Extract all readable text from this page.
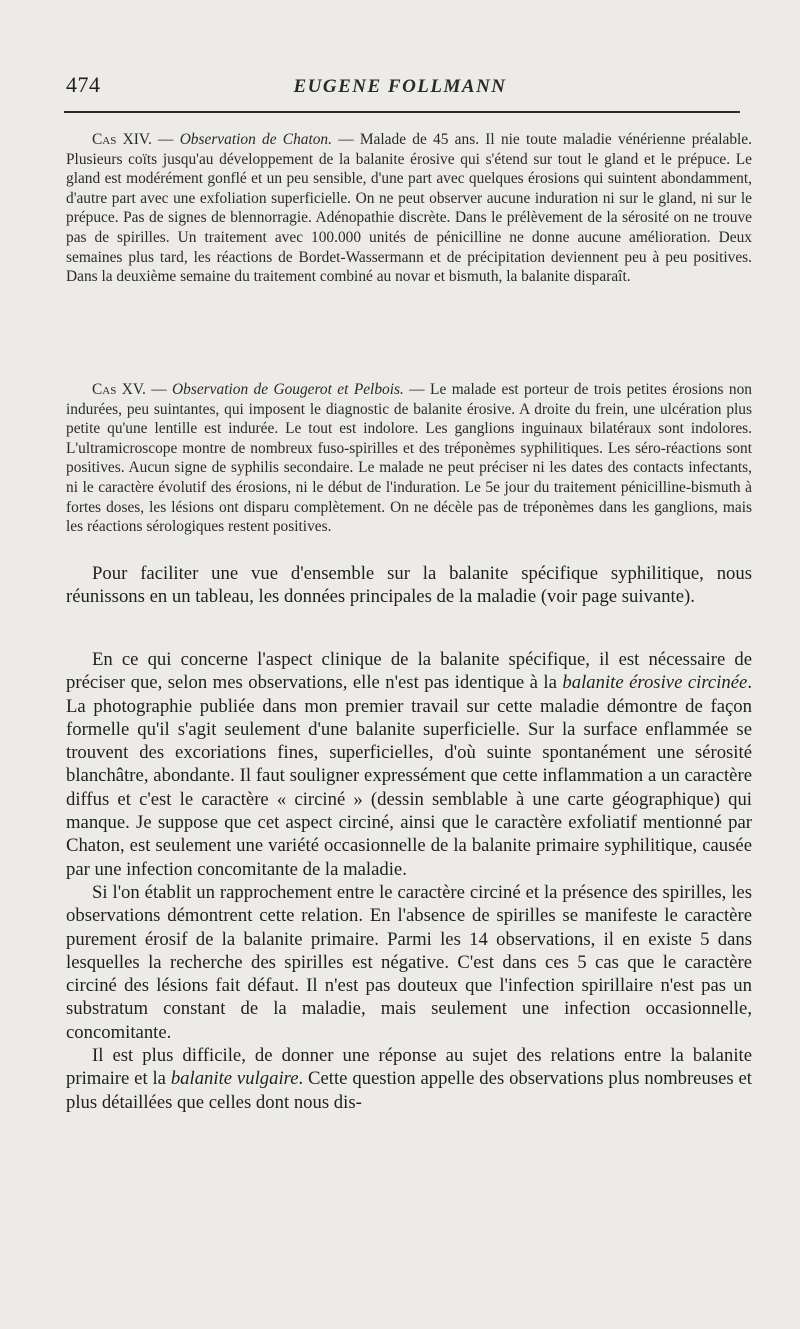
474	EUGENE FOLLMANN

Cas XIV. — Observation de Chaton. — Malade de 45 ans. Il nie toute maladie vénérienne préalable. Plusieurs coïts jusqu'au développement de la balanite érosive qui s'étend sur tout le gland et le prépuce. Le gland est modérément gonflé et un peu sensible, d'une part avec quelques érosions qui suintent abondamment, d'autre part avec une exfoliation superficielle. On ne peut observer aucune induration ni sur le gland, ni sur le prépuce. Pas de signes de blennorragie. Adénopathie discrète. Dans le prélèvement de la sérosité on ne trouve pas de spirilles. Un traitement avec 100.000 unités de pénicilline ne donne aucune amélioration. Deux semaines plus tard, les réactions de Bordet-Wassermann et de précipitation deviennent peu à peu positives. Dans la deuxième semaine du traitement combiné au novar et bismuth, la balanite disparaît.

Cas XV. — Observation de Gougerot et Pelbois. — Le malade est porteur de trois petites érosions non indurées, peu suintantes, qui imposent le diagnostic de balanite érosive. A droite du frein, une ulcération plus petite qu'une lentille est indurée. Le tout est indolore. Les ganglions inguinaux bilatéraux sont indolores. L'ultramicroscope montre de nombreux fuso-spirilles et des tréponèmes syphilitiques. Les séro-réactions sont positives. Aucun signe de syphilis secondaire. Le malade ne peut préciser ni les dates des contacts infectants, ni le caractère évolutif des érosions, ni le début de l'induration. Le 5e jour du traitement pénicilline-bismuth à fortes doses, les lésions ont disparu complètement. On ne décèle pas de tréponèmes dans les ganglions, mais les réactions sérologiques restent positives.

Pour faciliter une vue d'ensemble sur la balanite spécifique syphilitique, nous réunissons en un tableau, les données principales de la maladie (voir page suivante).

En ce qui concerne l'aspect clinique de la balanite spécifique, il est nécessaire de préciser que, selon mes observations, elle n'est pas identique à la balanite érosive circinée. La photographie publiée dans mon premier travail sur cette maladie démontre de façon formelle qu'il s'agit seulement d'une balanite superficielle. Sur la surface enflammée se trouvent des excoriations fines, superficielles, d'où suinte spontanément une sérosité blanchâtre, abondante. Il faut souligner expressément que cette inflammation a un caractère diffus et c'est le caractère « circiné » (dessin semblable à une carte géographique) qui manque. Je suppose que cet aspect circiné, ainsi que le caractère exfoliatif mentionné par Chaton, est seulement une variété occasionnelle de la balanite primaire syphilitique, causée par une infection concomitante de la maladie.

Si l'on établit un rapprochement entre le caractère circiné et la présence des spirilles, les observations démontrent cette relation. En l'absence de spirilles se manifeste le caractère purement érosif de la balanite primaire. Parmi les 14 observations, il en existe 5 dans lesquelles la recherche des spirilles est négative. C'est dans ces 5 cas que le caractère circiné des lésions fait défaut. Il n'est pas douteux que l'infection spirillaire n'est pas un substratum constant de la maladie, mais seulement une infection occasionnelle, concomitante.

Il est plus difficile, de donner une réponse au sujet des relations entre la balanite primaire et la balanite vulgaire. Cette question appelle des observations plus nombreuses et plus détaillées que celles dont nous dis-
